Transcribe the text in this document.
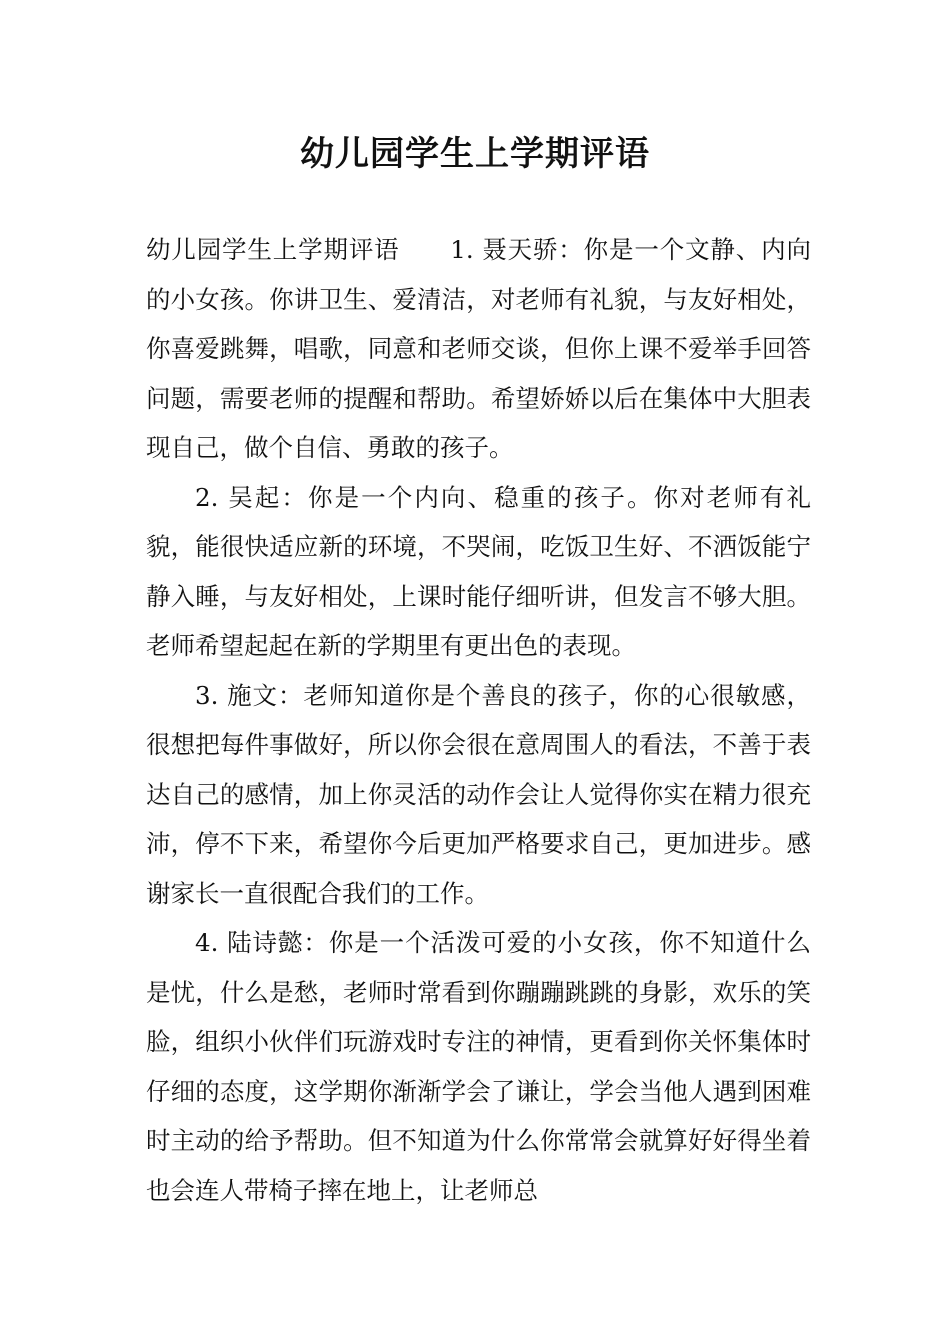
幼儿园学生上学期评语

幼儿园学生上学期评语　　1. 聂天骄：你是一个文静、内向的小女孩。你讲卫生、爱清洁，对老师有礼貌，与友好相处，你喜爱跳舞，唱歌，同意和老师交谈，但你上课不爱举手回答问题，需要老师的提醒和帮助。希望娇娇以后在集体中大胆表现自己，做个自信、勇敢的孩子。

2. 吴起：你是一个内向、稳重的孩子。你对老师有礼貌，能很快适应新的环境，不哭闹，吃饭卫生好、不洒饭能宁静入睡，与友好相处，上课时能仔细听讲，但发言不够大胆。老师希望起起在新的学期里有更出色的表现。

3. 施文：老师知道你是个善良的孩子，你的心很敏感，很想把每件事做好，所以你会很在意周围人的看法，不善于表达自己的感情，加上你灵活的动作会让人觉得你实在精力很充沛，停不下来，希望你今后更加严格要求自己，更加进步。感谢家长一直很配合我们的工作。

4. 陆诗懿：你是一个活泼可爱的小女孩，你不知道什么是忧，什么是愁，老师时常看到你蹦蹦跳跳的身影，欢乐的笑脸，组织小伙伴们玩游戏时专注的神情，更看到你关怀集体时仔细的态度，这学期你渐渐学会了谦让，学会当他人遇到困难时主动的给予帮助。但不知道为什么你常常会就算好好得坐着也会连人带椅子摔在地上，让老师总
